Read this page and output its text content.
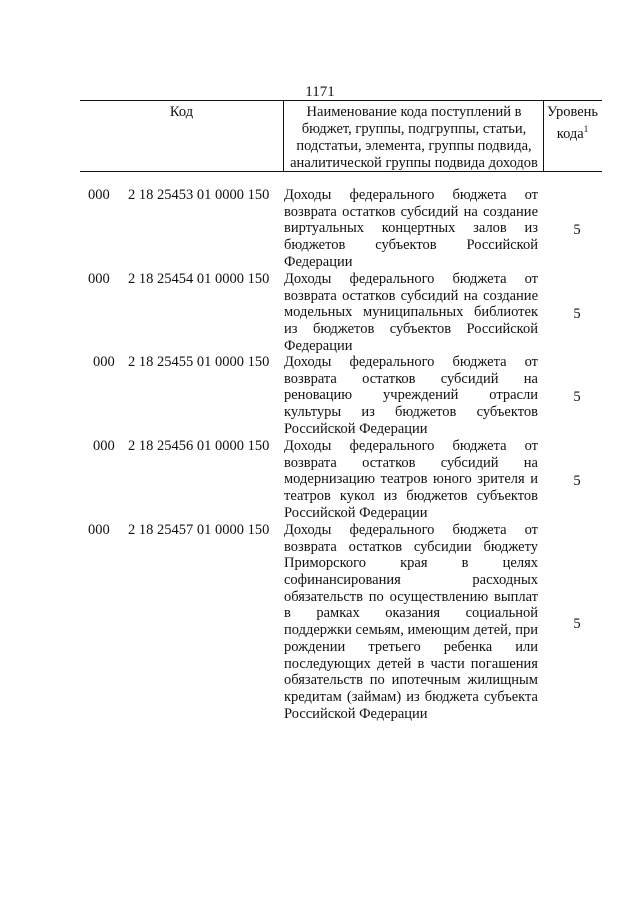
1171
Код	Наименование кода поступлений в
бюджет, группы, подгруппы, статьи,
подстатьи, элемента, группы подвида,
аналитической группы подвида доходов
Уровень
кода$^1$
000	2 18 25453 01 0000 150 Доходы федерального бюджета от
возврата остатков субсидий на создание
виртуальных концертных залов из
бюджетов субъектов Российской
Федерации
5
000	2 18 25454 01 0000 150 Доходы федерального бюджета от
возврата остатков субсидий на создание
модельных муниципальных библиотек
из бюджетов субъектов Российской
Федерации
5
000 2 18 25455 01 0000 150 Доходы федерального бюджета от
возврата остатков субсидий на
реновацию учреждений отрасли
культуры из бюджетов субъектов
Российской Федерации
5
000 2 18 25456 01 0000 150 Доходы федерального бюджета от
возврата остатков субсидий на
модернизацию театров юного зрителя и
театров кукол из бюджетов субъектов
Российской Федерации
5
000	2 18 25457 01 0000 150 Доходы федерального бюджета от
возврата остатков субсидии бюджету
Приморского края в целях
софинансирования	расходных
обязательств по осуществлению выплат
в рамках оказания социальной
поддержки семьям, имеющим детей, при
рождении третьего ребенка или
последующих детей в части погашения
обязательств по ипотечным жилищным
кредитам (займам) из бюджета субъекта
Российской Федерации
5
